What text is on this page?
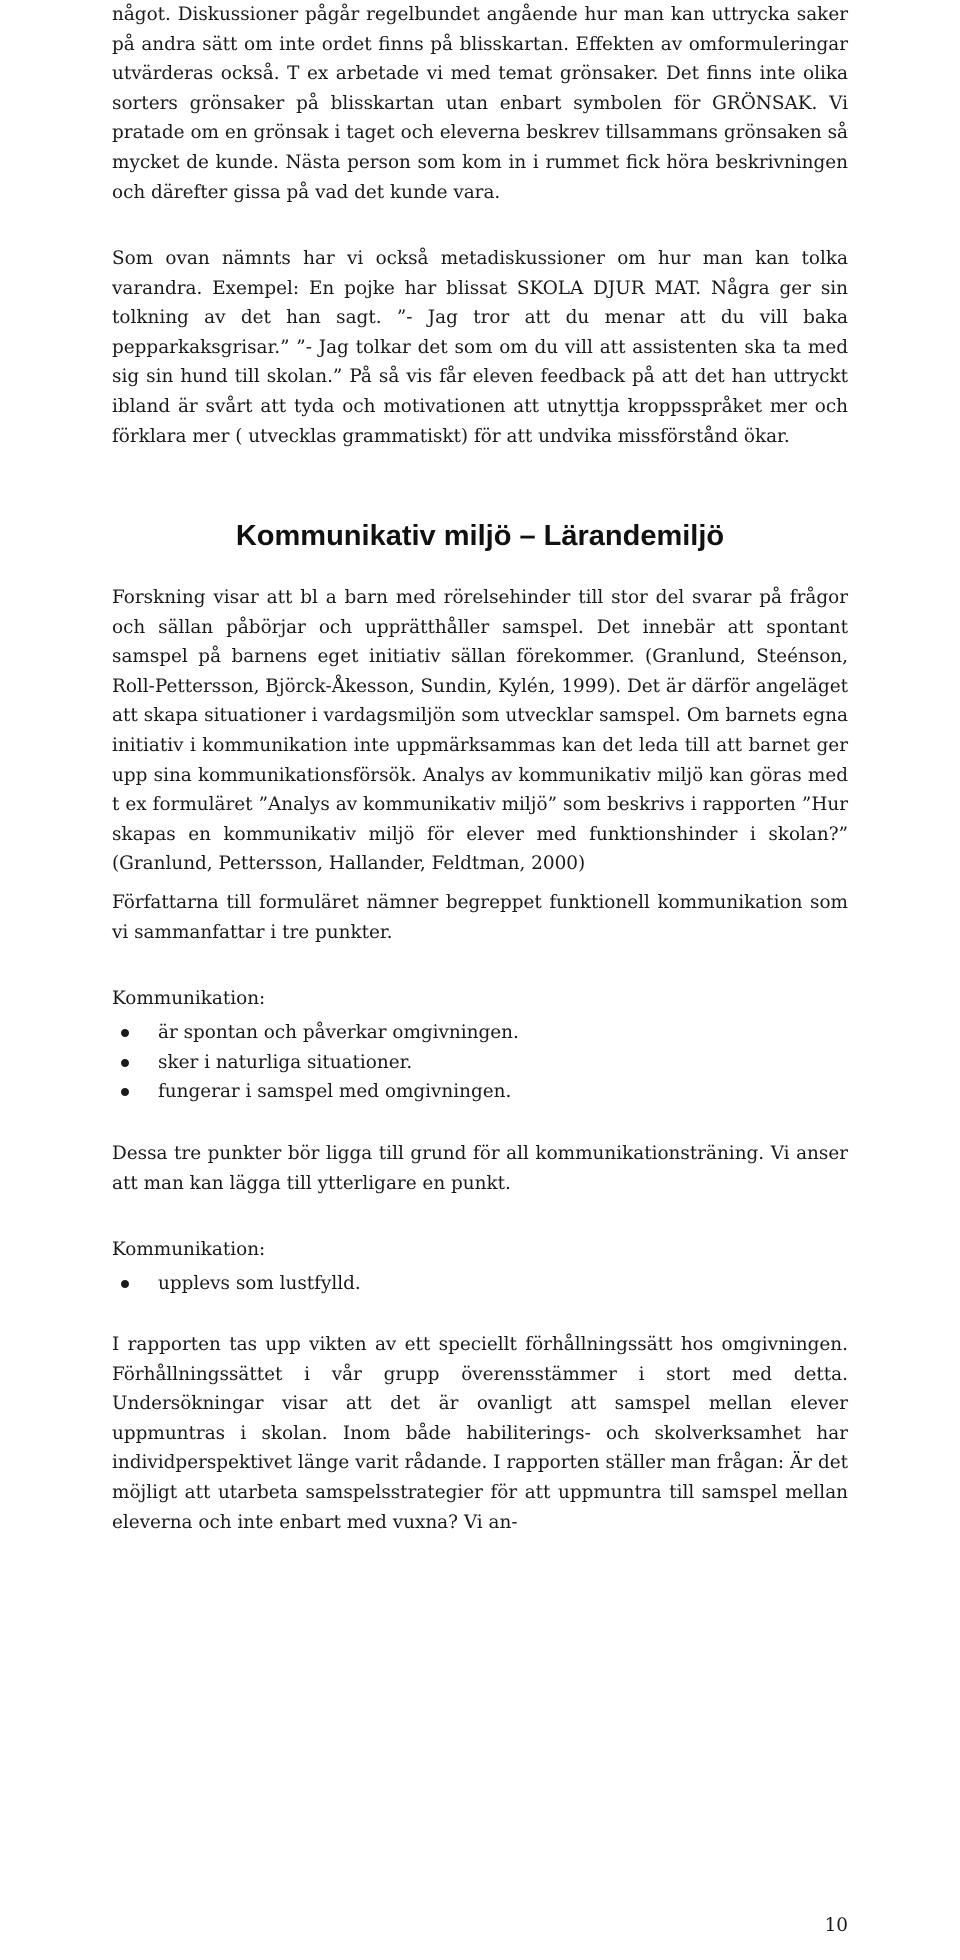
något. Diskussioner pågår regelbundet angående hur man kan uttrycka saker på andra sätt om inte ordet finns på blisskartan. Effekten av omformuleringar utvärderas också. T ex arbetade vi med temat grönsaker. Det finns inte olika sorters grönsaker på blisskartan utan enbart symbolen för GRÖNSAK. Vi pratade om en grönsak i taget och eleverna beskrev tillsammans grönsaken så mycket de kunde. Nästa person som kom in i rummet fick höra beskrivningen och därefter gissa på vad det kunde vara.

Som ovan nämnts har vi också metadiskussioner om hur man kan tolka varandra. Exempel: En pojke har blissat SKOLA DJUR MAT. Några ger sin tolkning av det han sagt. ”- Jag tror att du menar att du vill baka pepparkaksgrisar.” ”- Jag tolkar det som om du vill att assistenten ska ta med sig sin hund till skolan.” På så vis får eleven feedback på att det han uttryckt ibland är svårt att tyda och motivationen att utnyttja kroppsspråket mer och förklara mer ( utvecklas grammatiskt) för att undvika missförstånd ökar.

Kommunikativ miljö – Lärandemiljö

Forskning visar att bl a barn med rörelsehinder till stor del svarar på frågor och sällan påbörjar och upprätthåller samspel. Det innebär att spontant samspel på barnens eget initiativ sällan förekommer. (Granlund, Steénson, Roll-Pettersson, Björck-Åkesson, Sundin, Kylén, 1999). Det är därför angeläget att skapa situationer i vardagsmiljön som utvecklar samspel. Om barnets egna initiativ i kommunikation inte uppmärksammas kan det leda till att barnet ger upp sina kommunikationsförsök. Analys av kommunikativ miljö kan göras med t ex formuläret ”Analys av kommunikativ miljö” som beskrivs i rapporten ”Hur skapas en kommunikativ miljö för elever med funktionshinder i skolan?” (Granlund, Pettersson, Hallander, Feldtman, 2000)

Författarna till formuläret nämner begreppet funktionell kommunikation som vi sammanfattar i tre punkter.

Kommunikation:

är spontan och påverkar omgivningen.
sker i naturliga situationer.
fungerar i samspel med omgivningen.

Dessa tre punkter bör ligga till grund för all kommunikationsträning. Vi anser att man kan lägga till ytterligare en punkt.

Kommunikation:

upplevs som lustfylld.

I rapporten tas upp vikten av ett speciellt förhållningssätt hos omgivningen. Förhållningssättet i vår grupp överensstämmer i stort med detta. Undersökningar visar att det är ovanligt att samspel mellan elever uppmuntras i skolan. Inom både habiliterings- och skolverksamhet har individperspektivet länge varit rådande. I rapporten ställer man frågan: Är det möjligt att utarbeta samspelsstrategier för att uppmuntra till samspel mellan eleverna och inte enbart med vuxna? Vi an-

10
